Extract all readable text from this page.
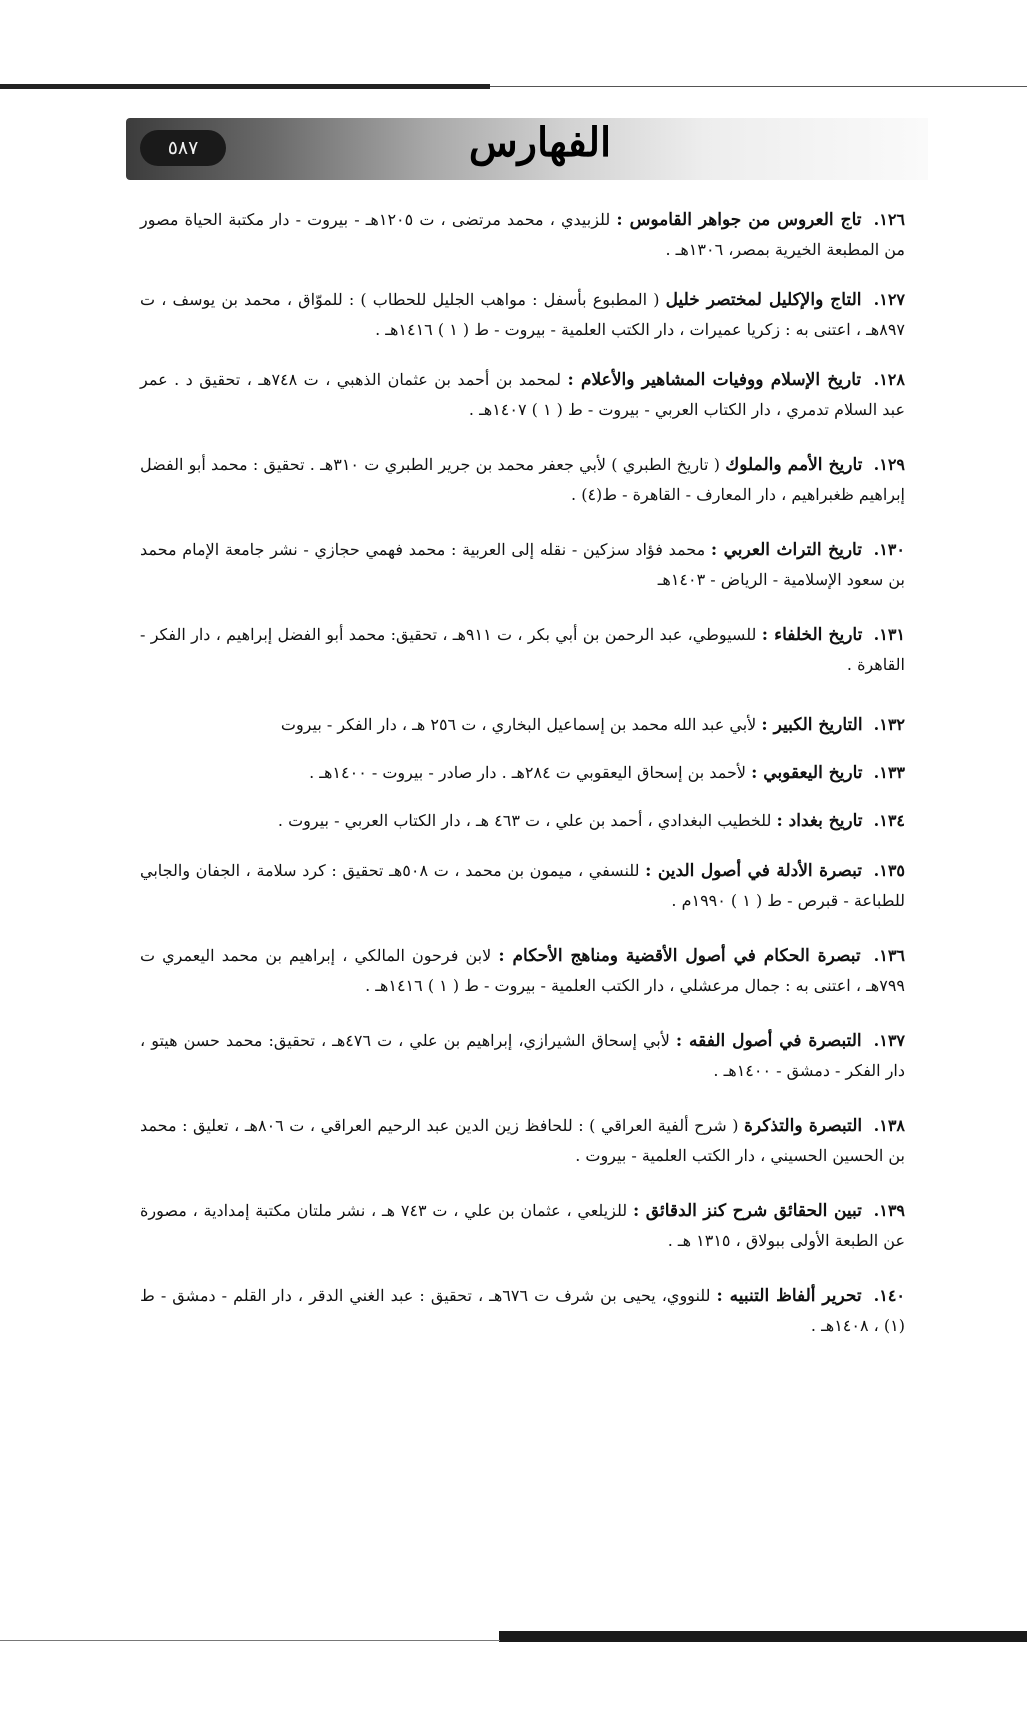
٥٨٧	الفهارس

١٢٦. تاج العروس من جواهر القاموس : للزبيدي ، محمد مرتضى ، ت ١٢٠٥هـ - بيروت - دار مكتبة الحياة مصور من المطبعة الخيرية بمصر، ١٣٠٦هـ .

١٢٧. التاج والإكليل لمختصر خليل ( المطبوع بأسفل : مواهب الجليل للحطاب ) : للموّاق ، محمد بن يوسف ، ت ٨٩٧هـ ، اعتنى به : زكريا عميرات ، دار الكتب العلمية - بيروت - ط ( ١ ) ١٤١٦هـ .

١٢٨. تاريخ الإسلام ووفيات المشاهير والأعلام : لمحمد بن أحمد بن عثمان الذهبي ، ت ٧٤٨هـ ، تحقيق د . عمر عبد السلام تدمري ، دار الكتاب العربي - بيروت - ط ( ١ ) ١٤٠٧هـ .

١٢٩. تاريخ الأمم والملوك ( تاريخ الطبري ) لأبي جعفر محمد بن جرير الطبري ت ٣١٠هـ . تحقيق : محمد أبو الفضل إبراهيم ظغبراهيم ، دار المعارف - القاهرة - ط(٤) .

١٣٠. تاريخ التراث العربي : محمد فؤاد سزكين - نقله إلى العربية : محمد فهمي حجازي - نشر جامعة الإمام محمد بن سعود الإسلامية - الرياض - ١٤٠٣هـ

١٣١. تاريخ الخلفاء : للسيوطي، عبد الرحمن بن أبي بكر ، ت ٩١١هـ ، تحقيق: محمد أبو الفضل إبراهيم ، دار الفكر - القاهرة .

١٣٢. التاريخ الكبير : لأبي عبد الله محمد بن إسماعيل البخاري ، ت ٢٥٦ هـ ، دار الفكر - بيروت

١٣٣. تاريخ اليعقوبي : لأحمد بن إسحاق اليعقوبي ت ٢٨٤هـ . دار صادر - بيروت - ١٤٠٠هـ .

١٣٤. تاريخ بغداد : للخطيب البغدادي ، أحمد بن علي ، ت ٤٦٣ هـ ، دار الكتاب العربي - بيروت .

١٣٥. تبصرة الأدلة في أصول الدين : للنسفي ، ميمون بن محمد ، ت ٥٠٨هـ تحقيق : كرد سلامة ، الجفان والجابي للطباعة - قبرص - ط ( ١ ) ١٩٩٠م .

١٣٦. تبصرة الحكام في أصول الأقضية ومناهج الأحكام : لابن فرحون المالكي ، إبراهيم بن محمد اليعمري ت ٧٩٩هـ ، اعتنى به : جمال مرعشلي ، دار الكتب العلمية - بيروت - ط ( ١ ) ١٤١٦هـ .

١٣٧. التبصرة في أصول الفقه : لأبي إسحاق الشيرازي، إبراهيم بن علي ، ت ٤٧٦هـ ، تحقيق: محمد حسن هيتو ، دار الفكر - دمشق - ١٤٠٠هـ .

١٣٨. التبصرة والتذكرة ( شرح ألفية العراقي ) : للحافظ زين الدين عبد الرحيم العراقي ، ت ٨٠٦هـ ، تعليق : محمد بن الحسين الحسيني ، دار الكتب العلمية - بيروت .

١٣٩. تبين الحقائق شرح كنز الدقائق : للزيلعي ، عثمان بن علي ، ت ٧٤٣ هـ ، نشر ملتان مكتبة إمدادية ، مصورة عن الطبعة الأولى ببولاق ، ١٣١٥ هـ .

١٤٠. تحرير ألفاظ التنبيه : للنووي، يحيى بن شرف ت ٦٧٦هـ ، تحقيق : عبد الغني الدقر ، دار القلم - دمشق - ط (١) ، ١٤٠٨هـ .
